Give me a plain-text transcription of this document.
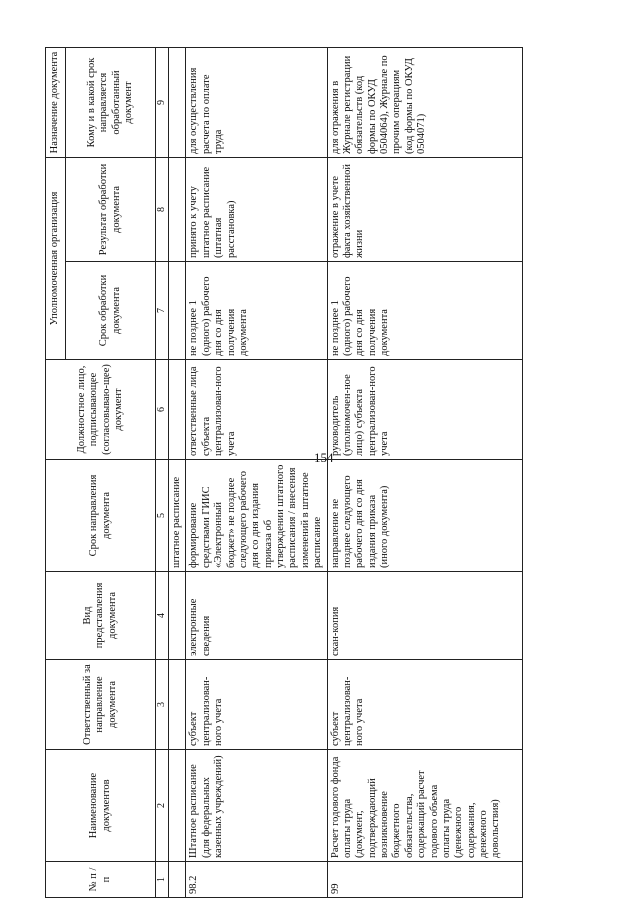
154
№ п / п	Наименование документов	Ответственный за направление документа	Вид представления документа	Срок направления документа	Должностное лицо, подписывающее (согласовываю-щее) документ	Уполномоченная организация		Назначение документа
						Срок обработки документа	Результат обработки документа	Кому и в какой срок направляется обработанный документ
1	2	3	4	5	6	7	8	9
				штатное расписание				
98.2	Штатное расписание (для федеральных казенных учреждений)	субъект централизован-ного учета	электронные сведения	формирование средствами ГИИС «Электронный бюджет» не позднее следующего рабочего дня со дня издания приказа об утверждении штатного расписания / внесения изменений в штатное расписание	ответственные лица субъекта централизован-ного учета	не позднее 1 (одного) рабочего дня со дня получения документа	принято к учету штатное расписание (штатная расстановка)	для осуществления расчета по оплате труда
99	Расчет годового фонда оплаты труда (документ, подтверждающий возникновение бюджетного обязательства, содержащий расчет годового объема оплаты труда (денежного содержания, денежного довольствия)	субъект централизован-ного учета	скан-копия	направление не позднее следующего рабочего дня со дня издания приказа (иного документа)	руководитель (уполномочен-ное лицо) субъекта централизован-ного учета	не позднее 1 (одного) рабочего дня со дня получения документа	отражение в учете факта хозяйственной жизни	для отражения в Журнале регистрации обязательств (код формы по ОКУД 0504064), Журнале по прочим операциям (код формы по ОКУД 0504071)
